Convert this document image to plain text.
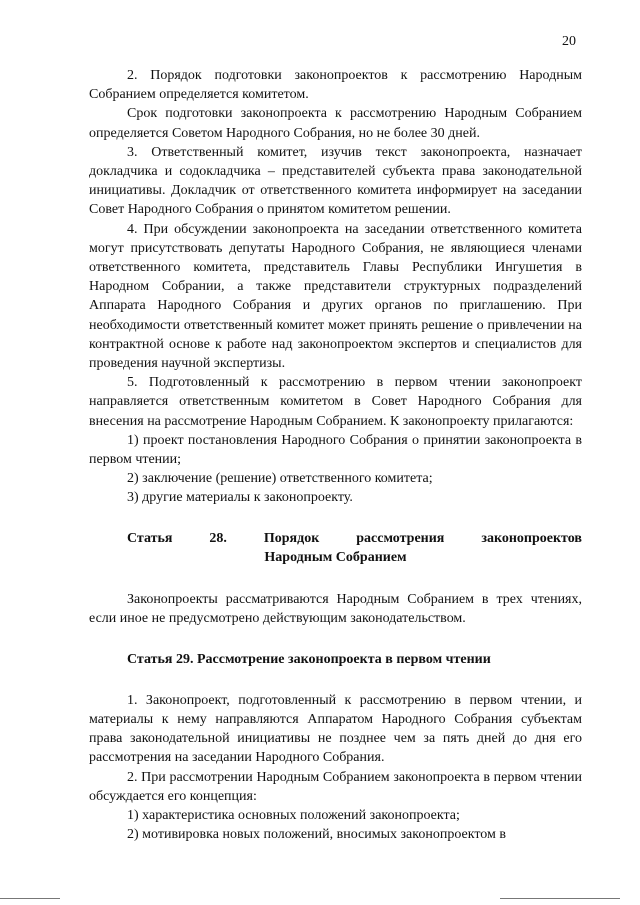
20

2. Порядок подготовки законопроектов к рассмотрению Народным Собранием определяется комитетом.

Срок подготовки законопроекта к рассмотрению Народным Собранием определяется Советом Народного Собрания, но не более 30 дней.

3. Ответственный комитет, изучив текст законопроекта, назначает докладчика и содокладчика – представителей субъекта права законодательной инициативы. Докладчик от ответственного комитета информирует на заседании Совет Народного Собрания о принятом комитетом решении.

4. При обсуждении законопроекта на заседании ответственного комитета могут присутствовать депутаты Народного Собрания, не являющиеся членами ответственного комитета, представитель Главы Республики Ингушетия в Народном Собрании, а также представители структурных подразделений Аппарата Народного Собрания и других органов по приглашению. При необходимости ответственный комитет может принять решение о привлечении на контрактной основе к работе над законопроектом экспертов и специалистов для проведения научной экспертизы.

5. Подготовленный к рассмотрению в первом чтении законопроект направляется ответственным комитетом в Совет Народного Собрания для внесения на рассмотрение Народным Собранием. К законопроекту прилагаются:

1) проект постановления Народного Собрания о принятии законопроекта в первом чтении;

2) заключение (решение) ответственного комитета;

3) другие материалы к законопроекту.

Статья	28.	Порядок	рассмотрения	законопроектов
Народным Собранием

Законопроекты рассматриваются Народным Собранием в трех чтениях, если иное не предусмотрено действующим законодательством.

Статья 29. Рассмотрение законопроекта в первом чтении

1. Законопроект, подготовленный к рассмотрению в первом чтении, и материалы к нему направляются Аппаратом Народного Собрания субъектам права законодательной инициативы не позднее чем за пять дней до дня его рассмотрения на заседании Народного Собрания.

2. При рассмотрении Народным Собранием законопроекта в первом чтении обсуждается его концепция:

1) характеристика основных положений законопроекта;

2) мотивировка новых положений, вносимых законопроектом в
